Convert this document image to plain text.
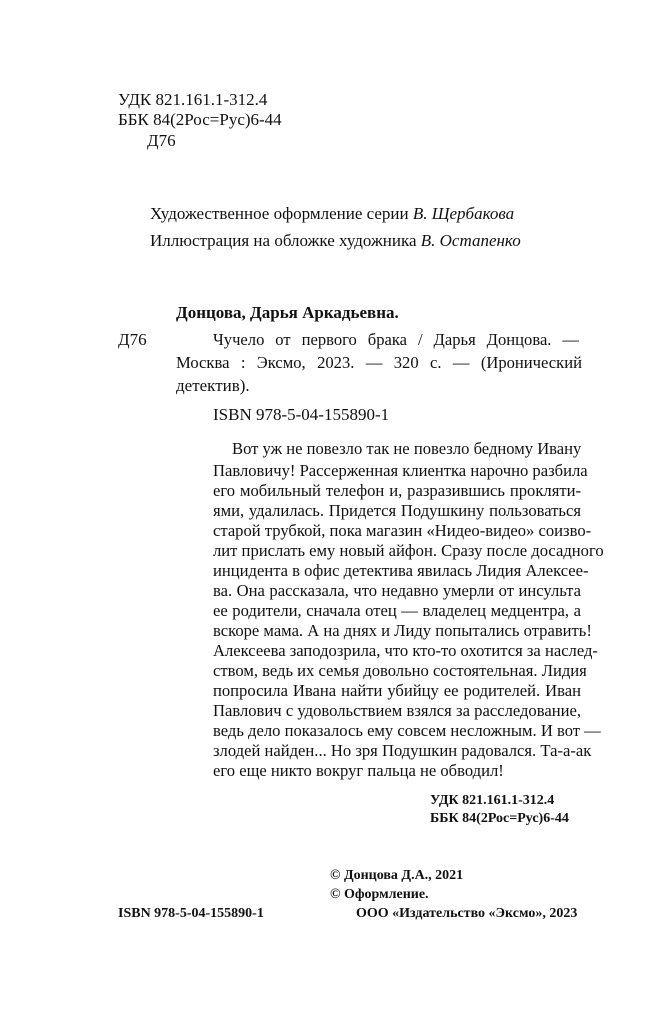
УДК 821.161.1-312.4
ББК 84(2Рос=Рус)6-44
Д76
Художественное оформление серии В. Щербакова
Иллюстрация на обложке художника В. Остапенко
Донцова, Дарья Аркадьевна.
Д76	Чучело от первого брака / Дарья Донцова. —
Москва : Эксмо, 2023. — 320 с. — (Иронический
детектив).
ISBN 978-5-04-155890-1
Вот уж не повезло так не повезло бедному Ивану
Павловичу! Рассерженная клиентка нарочно разбила
его мобильный телефон и, разразившись прокляти-
ями, удалилась. Придется Подушкину пользоваться
старой трубкой, пока магазин «Нидео-видео» соизво-
лит прислать ему новый айфон. Сразу после досадного
инцидента в офис детектива явилась Лидия Алексее-
ва. Она рассказала, что недавно умерли от инсульта
ее родители, сначала отец — владелец медцентра, а
вскоре мама. А на днях и Лиду попытались отравить!
Алексеева заподозрила, что кто-то охотится за наслед-
ством, ведь их семья довольно состоятельная. Лидия
попросила Ивана найти убийцу ее родителей. Иван
Павлович с удовольствием взялся за расследование,
ведь дело показалось ему совсем несложным. И вот —
злодей найден... Но зря Подушкин радовался. Та-а-ак
его еще никто вокруг пальца не обводил!
УДК 821.161.1-312.4
ББК 84(2Рос=Рус)6-44
© Донцова Д.А., 2021
© Оформление.
ООО «Издательство «Эксмо», 2023
ISBN 978-5-04-155890-1
